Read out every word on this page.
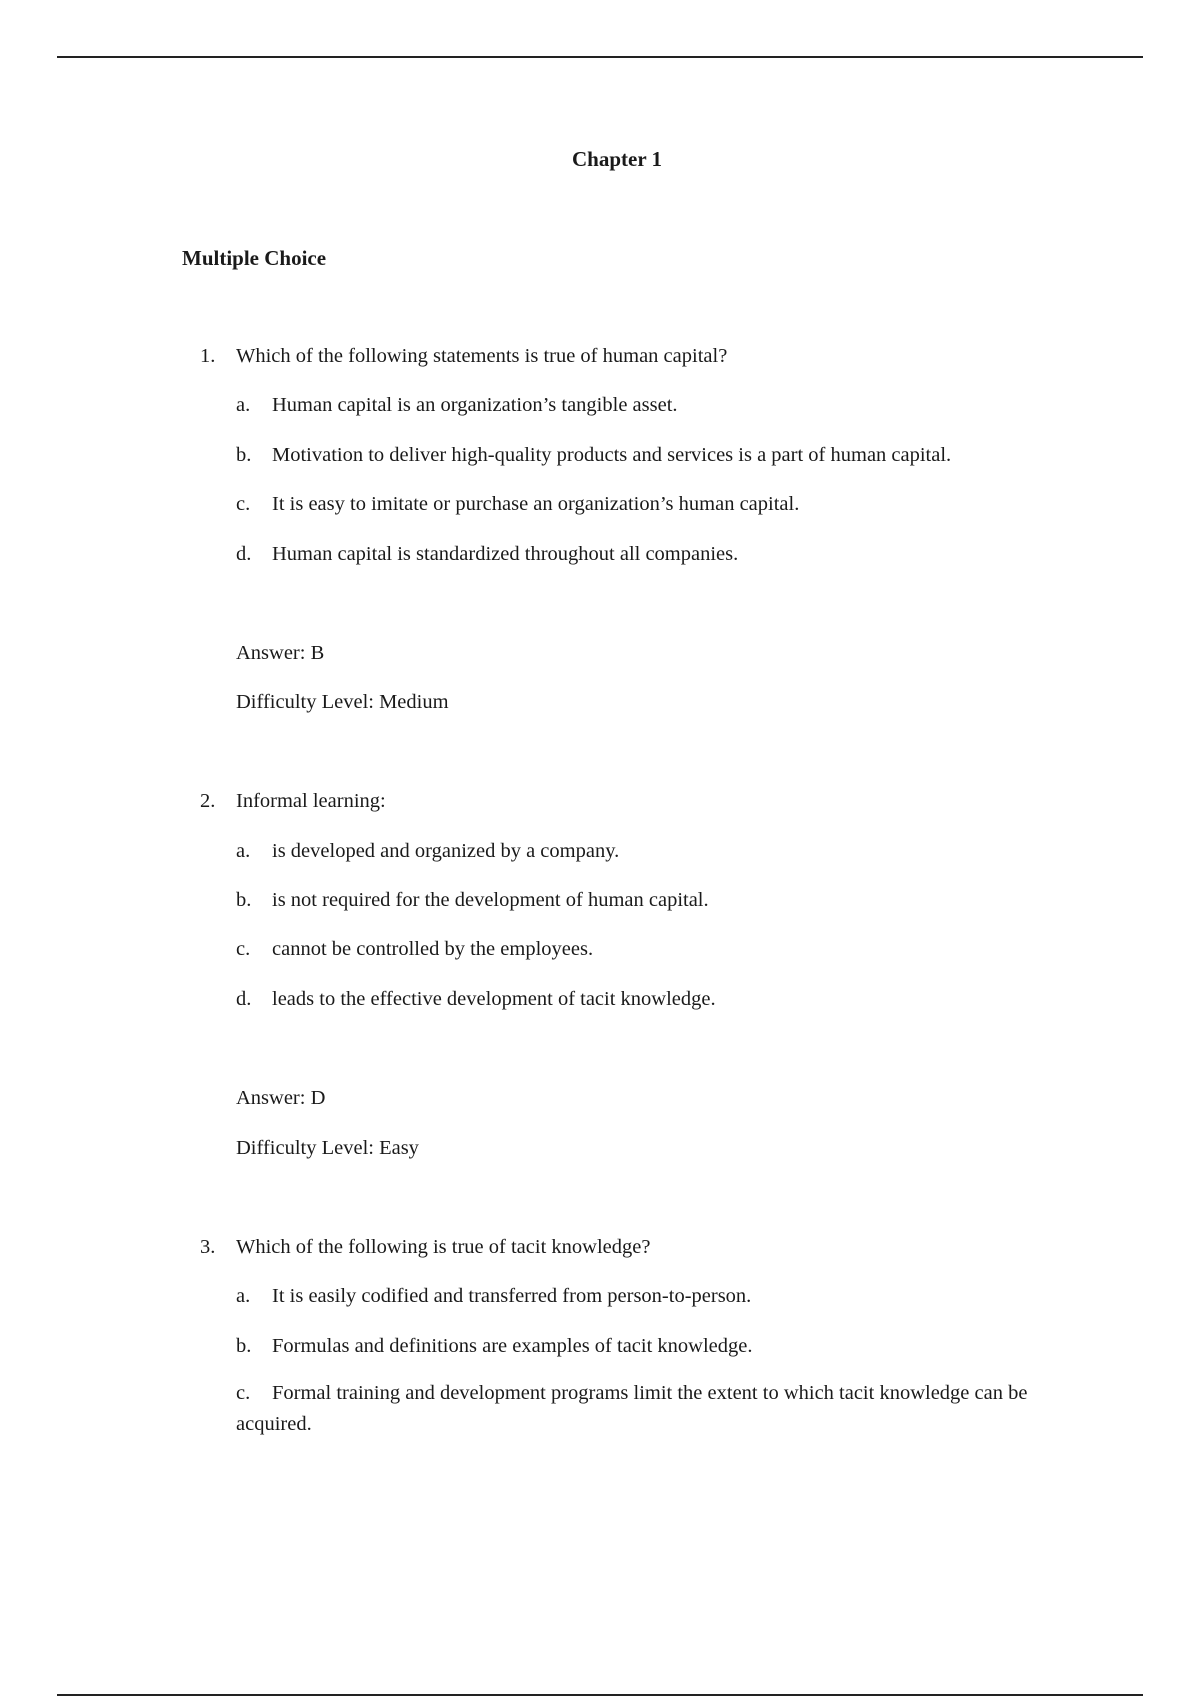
Chapter 1
Multiple Choice
1. Which of the following statements is true of human capital?
a. Human capital is an organization’s tangible asset.
b. Motivation to deliver high-quality products and services is a part of human capital.
c. It is easy to imitate or purchase an organization’s human capital.
d. Human capital is standardized throughout all companies.
Answer: B
Difficulty Level: Medium
2. Informal learning:
a. is developed and organized by a company.
b. is not required for the development of human capital.
c. cannot be controlled by the employees.
d. leads to the effective development of tacit knowledge.
Answer: D
Difficulty Level: Easy
3. Which of the following is true of tacit knowledge?
a. It is easily codified and transferred from person-to-person.
b. Formulas and definitions are examples of tacit knowledge.
c. Formal training and development programs limit the extent to which tacit knowledge can be acquired.
